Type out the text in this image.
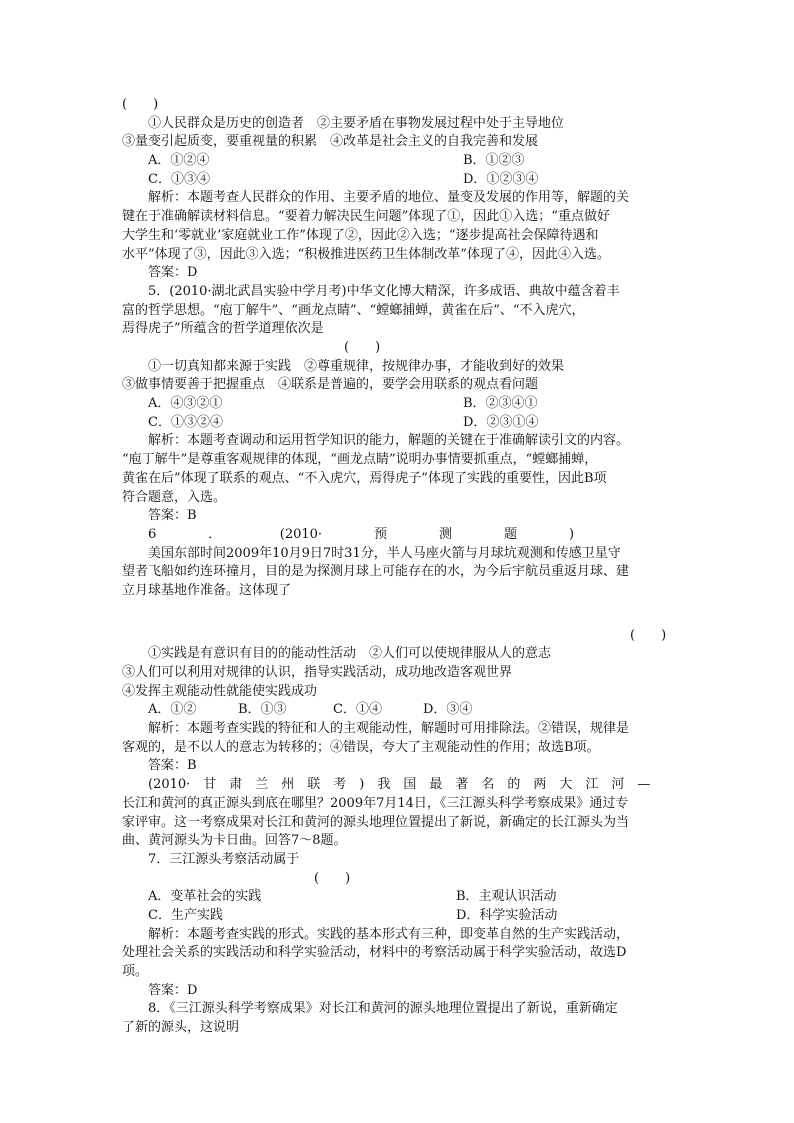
(　　)
①人民群众是历史的创造者　②主要矛盾在事物发展过程中处于主导地位
③量变引起质变，要重视量的积累　④改革是社会主义的自我完善和发展
A．①②④	B．①②③
C．①③④	D．①②③④
解析：本题考查人民群众的作用、主要矛盾的地位、量变及发展的作用等，解题的关
键在于准确解读材料信息。“要着力解决民生问题”体现了①，因此①入选；“重点做好
大学生和‘零就业’家庭就业工作”体现了②，因此②入选；“逐步提高社会保障待遇和
水平”体现了③，因此③入选；“积极推进医药卫生体制改革”体现了④，因此④入选。
答案：D
5．(2010·湖北武昌实验中学月考)中华文化博大精深，许多成语、典故中蕴含着丰
富的哲学思想。“庖丁解牛”、“画龙点睛”、“螳螂捕蝉，黄雀在后”、“不入虎穴，
焉得虎子”所蕴含的哲学道理依次是
(　　)
①一切真知都来源于实践　②尊重规律，按规律办事，才能收到好的效果
③做事情要善于把握重点　④联系是普遍的，要学会用联系的观点看问题
A．④③②①	B．②③④①
C．①③②④	D．②③①④
解析：本题考查调动和运用哲学知识的能力，解题的关键在于准确解读引文的内容。
“庖丁解牛”是尊重客观规律的体现，“画龙点睛”说明办事情要抓重点，“螳螂捕蝉，
黄雀在后”体现了联系的观点、“不入虎穴，焉得虎子”体现了实践的重要性，因此B项
符合题意，入选。
答案：B
6　　　　．　　　　　(2010·　　　　预　　　　测　　　　题　　　　)
美国东部时间2009年10月9日7时31分，半人马座火箭与月球坑观测和传感卫星守
望者飞船如约连环撞月，目的是为探测月球上可能存在的水，为今后宇航员重返月球、建
立月球基地作准备。这体现了
(　　)
①实践是有意识有目的的能动性活动　②人们可以使规律服从人的意志
③人们可以利用对规律的认识，指导实践活动，成功地改造客观世界
④发挥主观能动性就能使实践成功
A．①②	B．①③	C．①④	D．③④
解析：本题考查实践的特征和人的主观能动性，解题时可用排除法。②错误，规律是
客观的，是不以人的意志为转移的；④错误，夸大了主观能动性的作用；故选B项。
答案：B
(2010·　甘　肃　兰　州　联　考　)　我　国　最　著　名　的　两　大　江　河　—
长江和黄河的真正源头到底在哪里？2009年7月14日，《三江源头科学考察成果》通过专
家评审。这一考察成果对长江和黄河的源头地理位置提出了新说，新确定的长江源头为当
曲、黄河源头为卡日曲。回答7～8题。
7．三江源头考察活动属于
(　　)
A．变革社会的实践	B．主观认识活动
C．生产实践	D．科学实验活动
解析：本题考查实践的形式。实践的基本形式有三种，即变革自然的生产实践活动，
处理社会关系的实践活动和科学实验活动，材料中的考察活动属于科学实验活动，故选D
项。
答案：D
8．《三江源头科学考察成果》对长江和黄河的源头地理位置提出了新说，重新确定
了新的源头，这说明
